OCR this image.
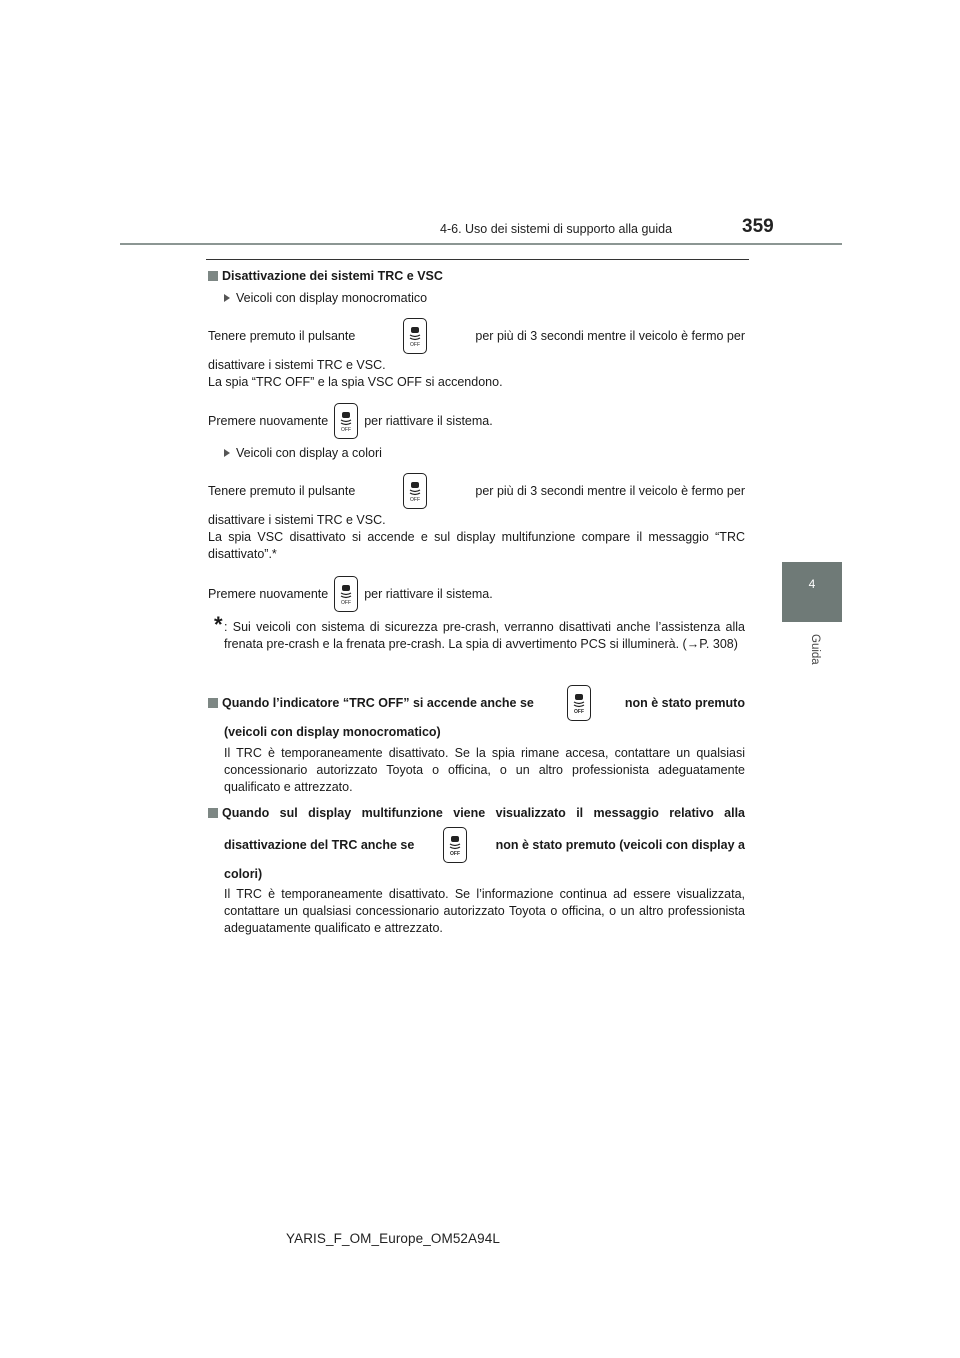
4-6. Uso dei sistemi di supporto alla guida	359
4
Guida
Disattivazione dei sistemi TRC e VSC
Veicoli con display monocromatico
Tenere premuto il pulsante
OFF
per più di 3 secondi mentre il veicolo è fermo per
disattivare i sistemi TRC e VSC.
La spia “TRC OFF” e la spia VSC OFF si accendono.
Premere nuovamente
OFF
per riattivare il sistema.
Veicoli con display a colori
Tenere premuto il pulsante
OFF
per più di 3 secondi mentre il veicolo è fermo per
disattivare i sistemi TRC e VSC.
La spia VSC disattivato si accende e sul display multifunzione compare il messaggio “TRC disattivato”.*
Premere nuovamente
OFF
per riattivare il sistema.
* : Sui veicoli con sistema di sicurezza pre-crash, verranno disattivati anche l’assistenza alla frenata pre-crash e la frenata pre-crash. La spia di avvertimento PCS si illuminerà. (→P. 308)
Quando l’indicatore “TRC OFF” si accende anche se
OFF
non è stato premuto
(veicoli con display monocromatico)
Il TRC è temporaneamente disattivato. Se la spia rimane accesa, contattare un qualsiasi concessionario autorizzato Toyota o officina, o un altro professionista adeguatamente qualificato e attrezzato.
Quando sul display multifunzione viene visualizzato il messaggio relativo alla
disattivazione del TRC anche se
OFF
non è stato premuto (veicoli con display a
colori)
Il TRC è temporaneamente disattivato. Se l’informazione continua ad essere visualizzata, contattare un qualsiasi concessionario autorizzato Toyota o officina, o un altro professionista adeguatamente qualificato e attrezzato.
YARIS_F_OM_Europe_OM52A94L
